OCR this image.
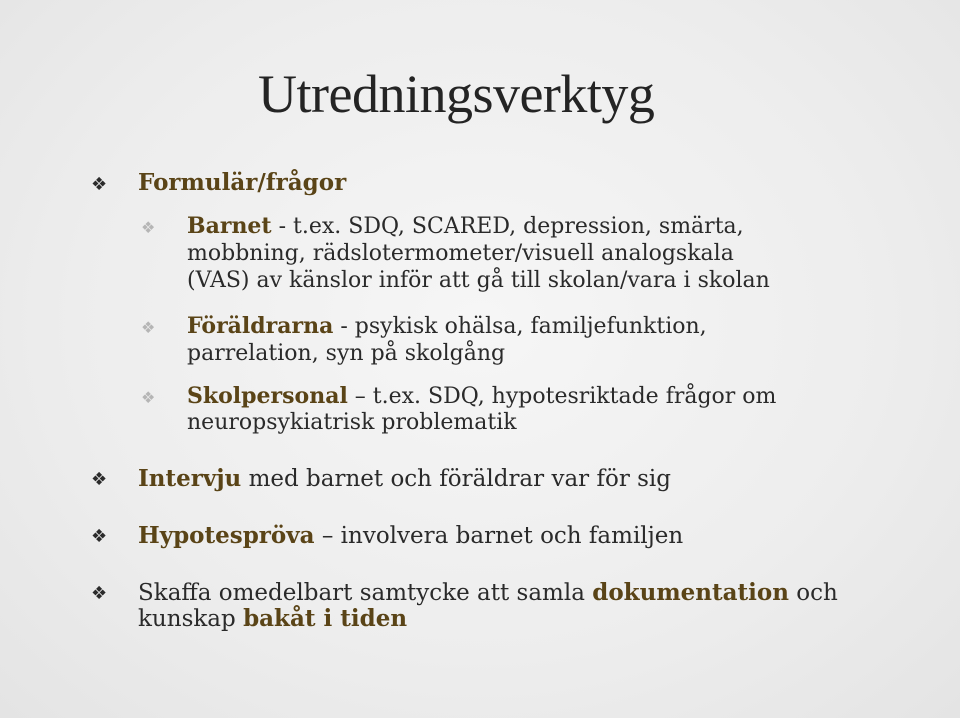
Utredningsverktyg
❖ Formulär/frågor
❖ Barnet - t.ex. SDQ, SCARED, depression, smärta,
mobbning, rädslotermometer/visuell analogskala
(VAS) av känslor inför att gå till skolan/vara i skolan
❖ Föräldrarna - psykisk ohälsa, familjefunktion,
parrelation, syn på skolgång
❖ Skolpersonal – t.ex. SDQ, hypotesriktade frågor om
neuropsykiatrisk problematik
❖ Intervju med barnet och föräldrar var för sig
❖ Hypotespröva – involvera barnet och familjen
❖ Skaffa omedelbart samtycke att samla dokumentation och
kunskap bakåt i tiden
